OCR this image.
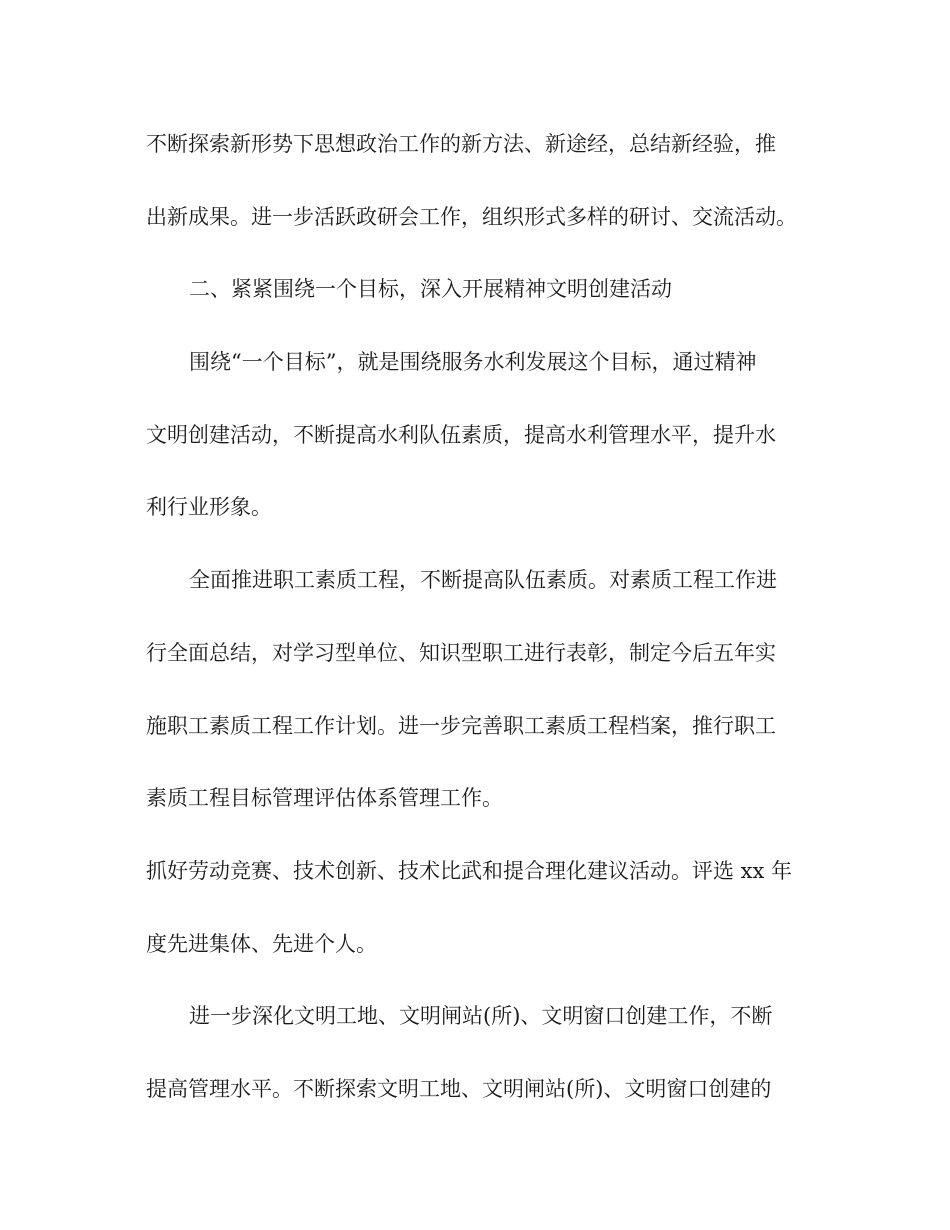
不断探索新形势下思想政治工作的新方法、新途经，总结新经验，推
出新成果。进一步活跃政研会工作，组织形式多样的研讨、交流活动。
二、紧紧围绕一个目标，深入开展精神文明创建活动
围绕“一个目标”，就是围绕服务水利发展这个目标，通过精神
文明创建活动，不断提高水利队伍素质，提高水利管理水平，提升水
利行业形象。
全面推进职工素质工程，不断提高队伍素质。对素质工程工作进
行全面总结，对学习型单位、知识型职工进行表彰，制定今后五年实
施职工素质工程工作计划。进一步完善职工素质工程档案，推行职工
素质工程目标管理评估体系管理工作。
抓好劳动竞赛、技术创新、技术比武和提合理化建议活动。评选 xx 年
度先进集体、先进个人。
进一步深化文明工地、文明闸站(所)、文明窗口创建工作，不断
提高管理水平。不断探索文明工地、文明闸站(所)、文明窗口创建的
